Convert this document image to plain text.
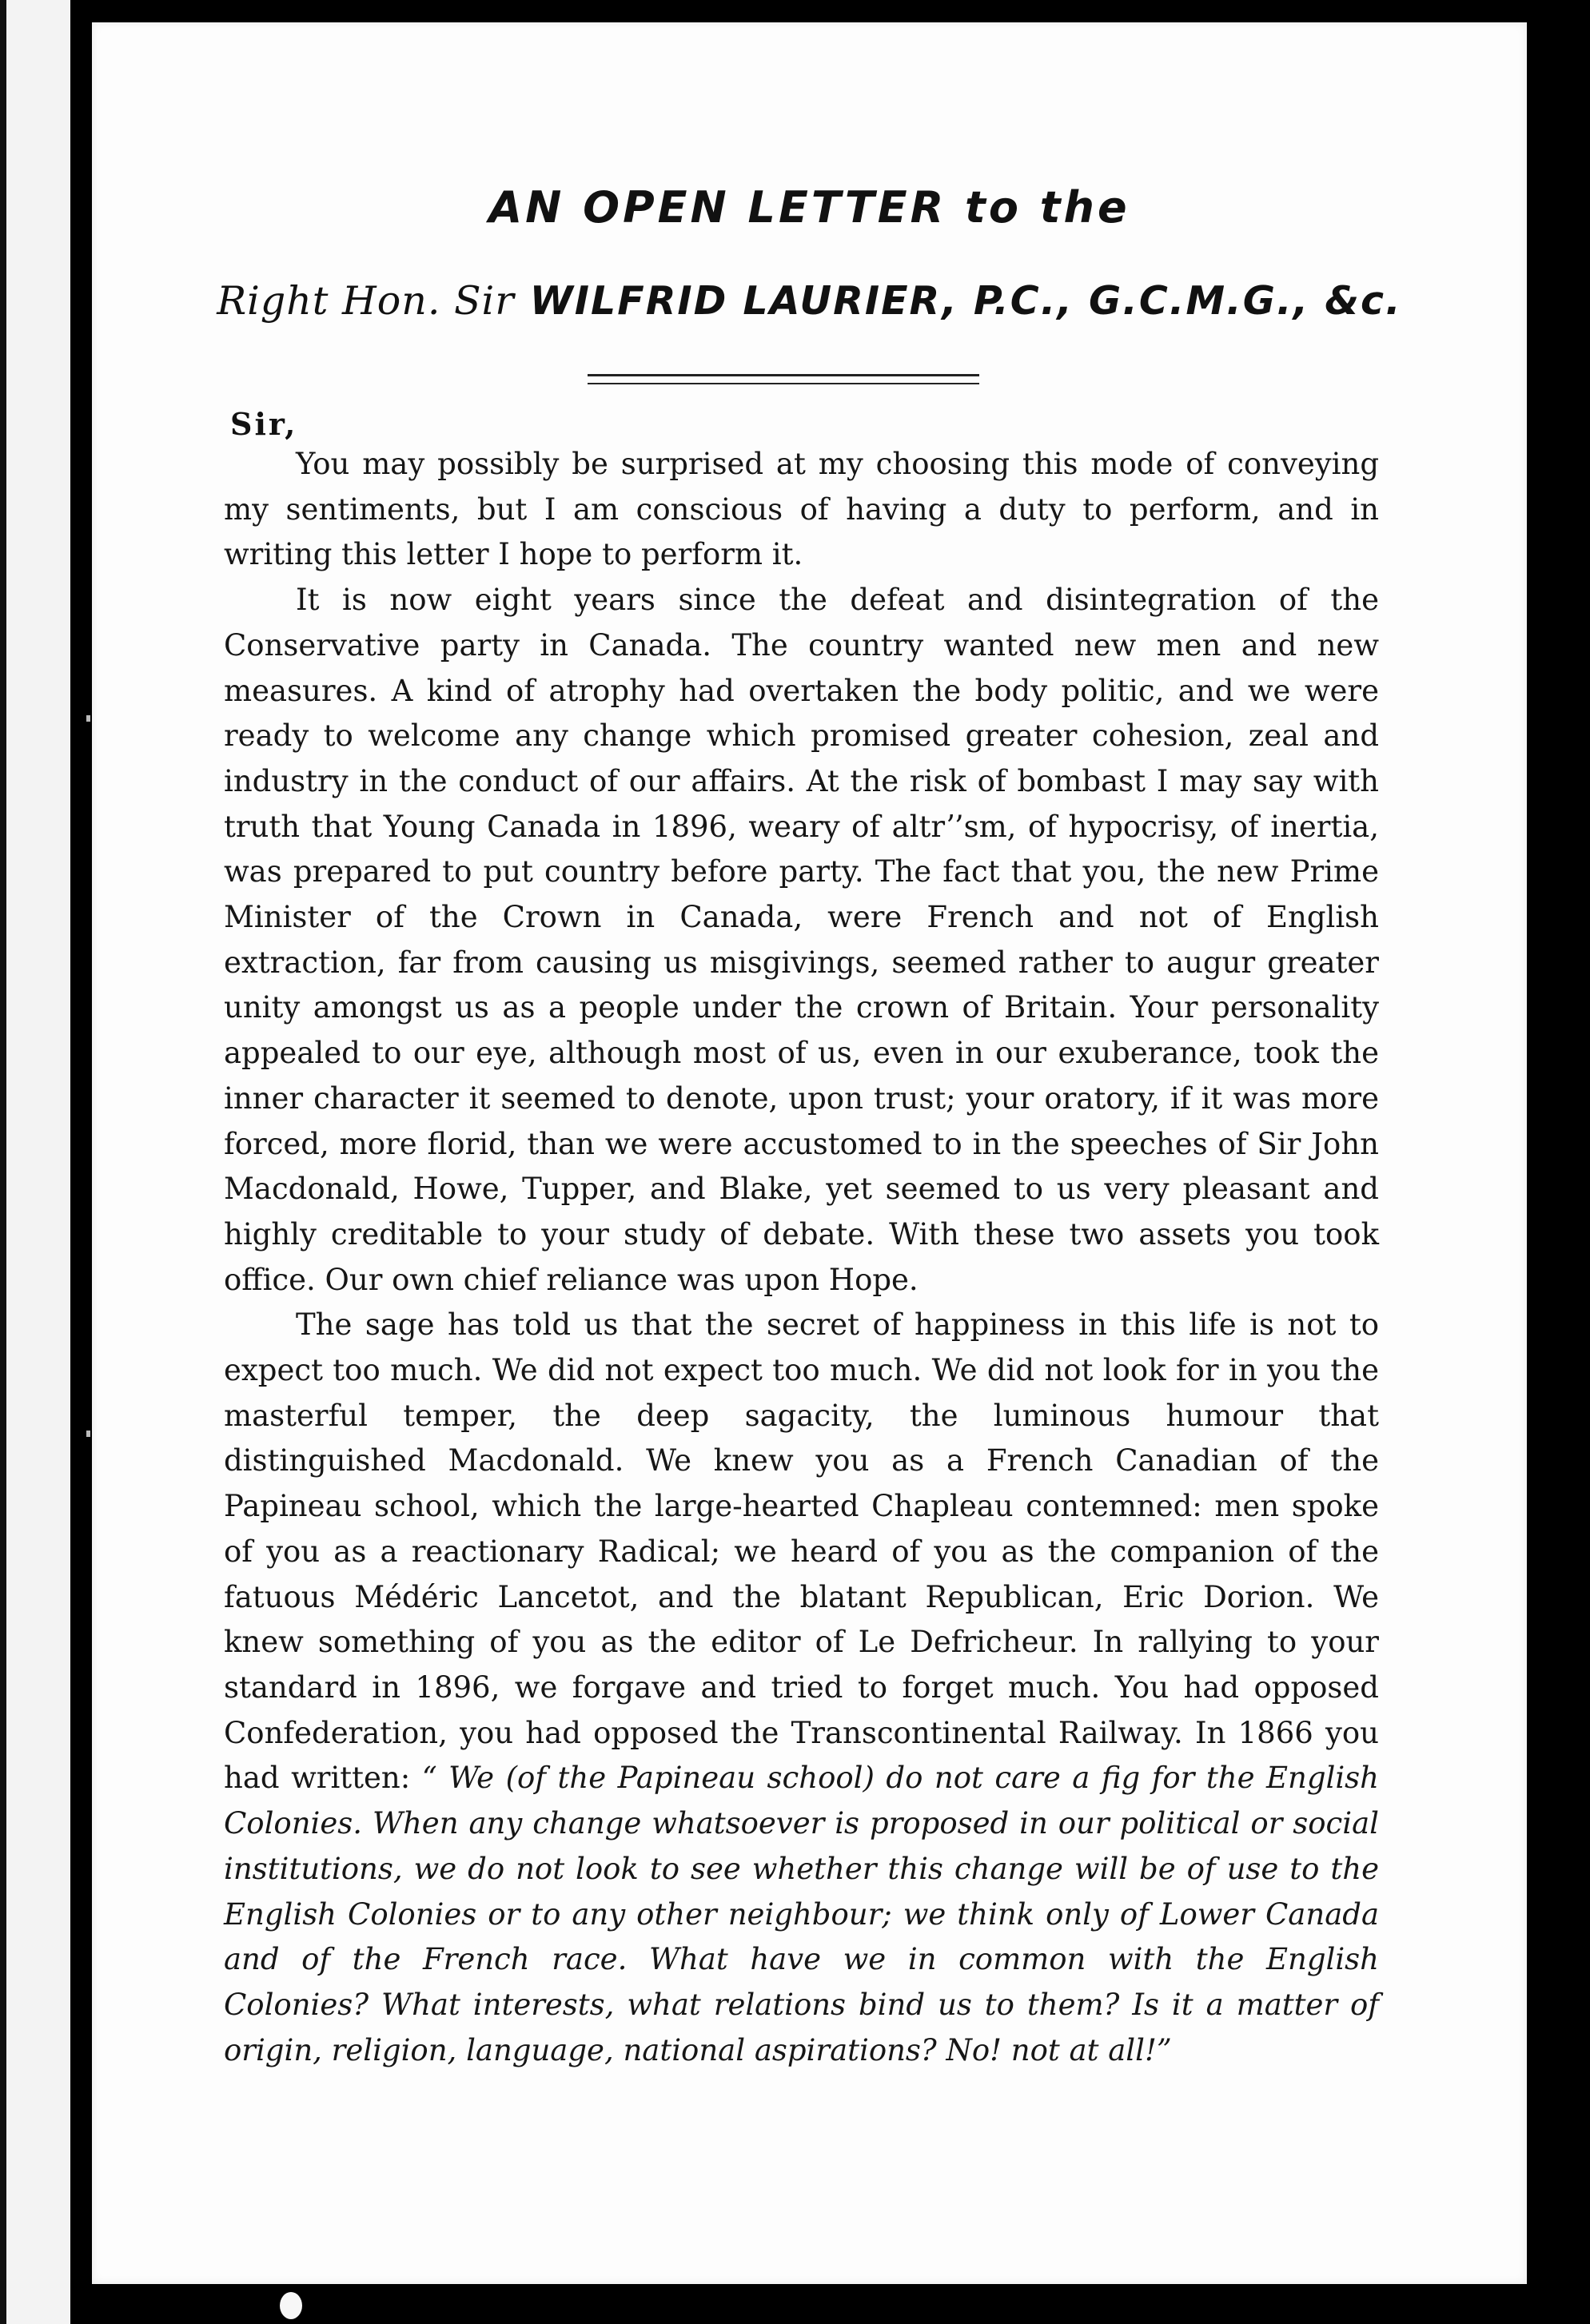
AN OPEN LETTER to the
Right Hon. Sir WILFRID LAURIER, P.C., G.C.M.G., &c.
Sir,

You may possibly be surprised at my choosing this mode of conveying my sentiments, but I am conscious of having a duty to perform, and in writing this letter I hope to perform it.

It is now eight years since the defeat and disintegration of the Conservative party in Canada. The country wanted new men and new measures. A kind of atrophy had overtaken the body politic, and we were ready to welcome any change which promised greater cohesion, zeal and industry in the conduct of our affairs. At the risk of bombast I may say with truth that Young Canada in 1896, weary of altrʼ’sm, of hypocrisy, of inertia, was prepared to put country before party. The fact that you, the new Prime Minister of the Crown in Canada, were French and not of English extraction, far from causing us misgivings, seemed rather to augur greater unity amongst us as a people under the crown of Britain. Your personality appealed to our eye, although most of us, even in our exuberance, took the inner character it seemed to denote, upon trust; your oratory, if it was more forced, more florid, than we were accustomed to in the speeches of Sir John Macdonald, Howe, Tupper, and Blake, yet seemed to us very pleasant and highly creditable to your study of debate. With these two assets you took office. Our own chief reliance was upon Hope.

The sage has told us that the secret of happiness in this life is not to expect too much. We did not expect too much. We did not look for in you the masterful temper, the deep sagacity, the luminous humour that distinguished Macdonald. We knew you as a French Canadian of the Papineau school, which the large-hearted Chapleau contemned: men spoke of you as a reactionary Radical; we heard of you as the companion of the fatuous Médéric Lancetot, and the blatant Republican, Eric Dorion. We knew something of you as the editor of Le Defricheur. In rallying to your standard in 1896, we forgave and tried to forget much. You had opposed Confederation, you had opposed the Transcontinental Railway. In 1866 you had written: “ We (of the Papineau school) do not care a fig for the English Colonies. When any change whatsoever is proposed in our political or social institutions, we do not look to see whether this change will be of use to the English Colonies or to any other neighbour; we think only of Lower Canada and of the French race. What have we in common with the English Colonies? What interests, what relations bind us to them? Is it a matter of origin, religion, language, national aspirations? No! not at all!”
